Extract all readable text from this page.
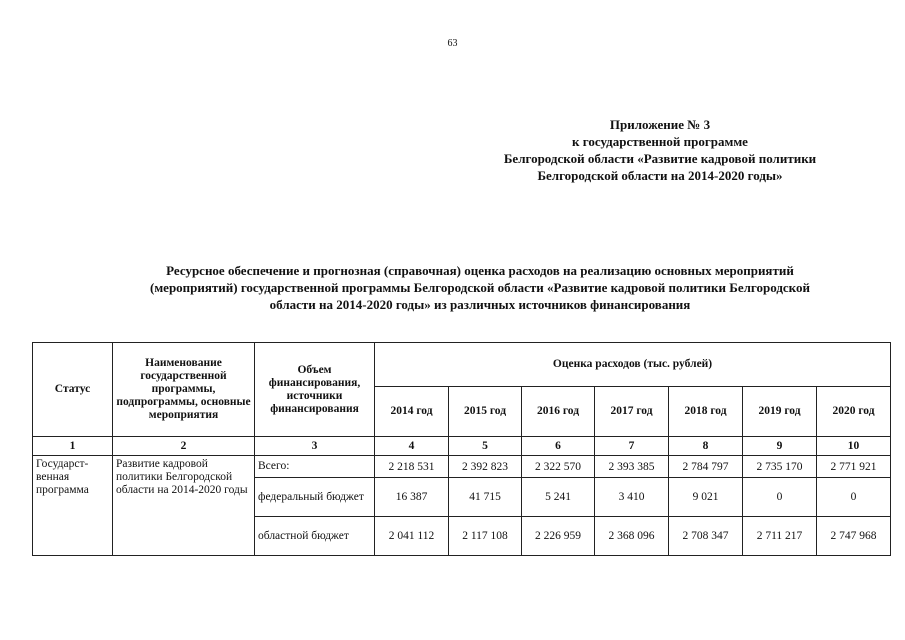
63
Приложение № 3
к государственной программе
Белгородской области «Развитие кадровой политики
Белгородской области на 2014-2020 годы»
Ресурсное обеспечение и прогнозная (справочная) оценка расходов на реализацию основных мероприятий
(мероприятий) государственной программы Белгородской области «Развитие кадровой политики Белгородской
области на 2014-2020 годы» из различных источников финансирования
Статус	Наименование государственной программы, подпрограммы, основные мероприятия	Объем финансирования, источники финансирования	Оценка расходов (тыс. рублей)						
			2014 год	2015 год	2016 год	2017 год	2018 год	2019 год	2020 год
1	2	3	4	5	6	7	8	9	10
Государст-венная программа	Развитие кадровой политики Белгородской области на 2014-2020 годы	Всего:	2 218 531	2 392 823	2 322 570	2 393 385	2 784 797	2 735 170	2 771 921
		федеральный бюджет	16 387	41 715	5 241	3 410	9 021	0	0
		областной бюджет	2 041 112	2 117 108	2 226 959	2 368 096	2 708 347	2 711 217	2 747 968
